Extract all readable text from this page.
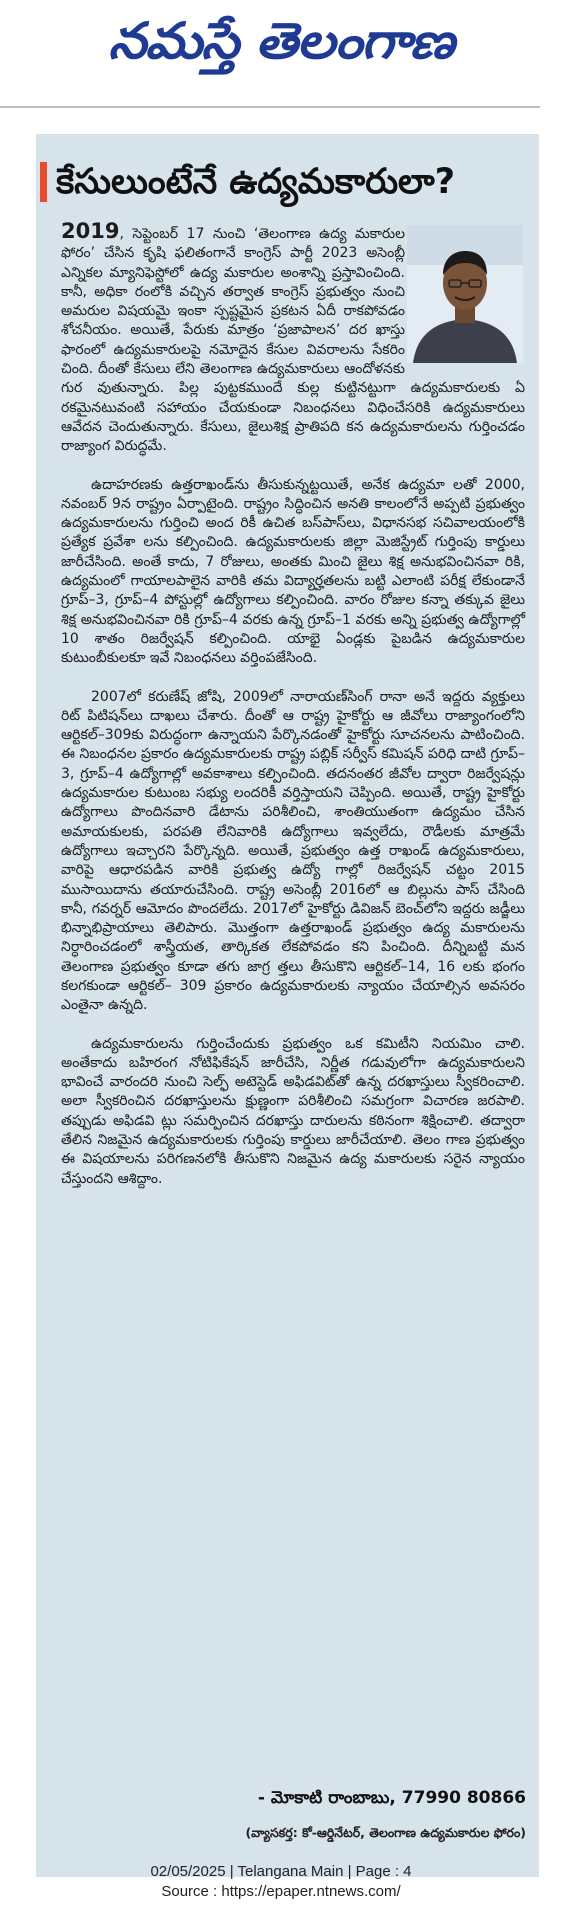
నమస్తే తెలంగాణ
కేసులుంటేనే ఉద్యమకారులా?

2019, సెప్టెంబర్ 17 నుంచి ‘తెలంగాణ ఉద్య మకారుల ఫోరం’ చేసిన కృషి ఫలితంగానే కాంగ్రెస్ పార్టీ 2023 అసెంబ్లీ ఎన్నికల మ్యానిఫెస్టోలో ఉద్య మకారుల అంశాన్ని ప్రస్తావించింది. కానీ, అధికా రంలోకి వచ్చిన తర్వాత కాంగ్రెస్ ప్రభుత్వం నుంచి అమరుల విషయమై ఇంకా స్పష్టమైన ప్రకటన ఏదీ రాకపోవడం శోచనీయం. అయితే, పేరుకు మాత్రం ‘ప్రజాపాలన’ దర ఖాస్తు ఫారంలో ఉద్యమకారులపై నమోదైన కేసుల వివరాలను సేకరిం చింది. దీంతో కేసులు లేని తెలంగాణ ఉద్యమకారులు ఆందోళనకు గుర వుతున్నారు. పిల్ల పుట్టకముందే కుల్ల కుట్టినట్టుగా ఉద్యమకారులకు ఏ రకమైనటువంటి సహాయం చేయకుండా నిబంధనలు విధించేసరికి ఉద్యమకారులు ఆవేదన చెందుతున్నారు. కేసులు, జైలుశిక్ష ప్రాతిపది కన ఉద్యమకారులను గుర్తించడం రాజ్యాంగ విరుద్ధమే.

ఉదాహరణకు ఉత్తరాఖండ్‌ను తీసుకున్నట్టయితే, అనేక ఉద్యమా లతో 2000, నవంబర్ 9న రాష్ట్రం ఏర్పాటైంది. రాష్ట్రం సిద్ధించిన అనతి కాలంలోనే అప్పటి ప్రభుత్వం ఉద్యమకారులను గుర్తించి అంద రికీ ఉచిత బస్‌పాస్‌లు, విధానసభ సచివాలయంలోకి ప్రత్యేక ప్రవేశా లను కల్పించింది. ఉద్యమకారులకు జిల్లా మెజిస్ట్రేట్ గుర్తింపు కార్డులు జారీచేసింది. అంతే కాదు, 7 రోజులు, అంతకు మించి జైలు శిక్ష అనుభవించినవా రికి, ఉద్యమంలో గాయాలపాలైన వారికి తమ విద్యార్హతలను బట్టి ఎలాంటి పరీక్ష లేకుండానే గ్రూప్–3, గ్రూప్–4 పోస్టుల్లో ఉద్యోగాలు కల్పించింది. వారం రోజుల కన్నా తక్కువ జైలు శిక్ష అనుభవించినవా రికి గ్రూప్–4 వరకు ఉన్న గ్రూప్–1 వరకు అన్ని ప్రభుత్వ ఉద్యోగాల్లో 10 శాతం రిజర్వేషన్ కల్పించింది. యాభై ఏండ్లకు పైబడిన ఉద్యమకారుల కుటుంబీకులకూ ఇవే నిబంధనలు వర్తింపజేసింది.

2007లో కరుణేష్ జోషి, 2009లో నారాయణ్‌సింగ్ రానా అనే ఇద్దరు వ్యక్తులు రిట్ పిటిషన్‌లు దాఖలు చేశారు. దీంతో ఆ రాష్ట్ర హైకోర్టు ఆ జీవోలు రాజ్యాంగంలోని ఆర్టికల్–309కు విరుద్ధంగా ఉన్నాయని పేర్కొనడంతో హైకోర్టు సూచనలను పాటించింది. ఈ నిబంధనల ప్రకారం ఉద్యమకారులకు రాష్ట్ర పబ్లిక్ సర్వీస్ కమిషన్ పరిధి దాటి గ్రూప్–3, గ్రూప్–4 ఉద్యోగాల్లో అవకాశాలు కల్పించింది. తదనంతర జీవోల ద్వారా రిజర్వేషన్లు ఉద్యమకారుల కుటుంబ సభ్యు లందరికీ వర్తిస్తాయని చెప్పింది. అయితే, రాష్ట్ర హైకోర్టు ఉద్యోగాలు పొందినవారి డేటాను పరిశీలించి, శాంతియుతంగా ఉద్యమం చేసిన అమాయకులకు, పరపతి లేనివారికి ఉద్యోగాలు ఇవ్వలేదు, రౌడీలకు మాత్రమే ఉద్యోగాలు ఇచ్చారని పేర్కొన్నది. అయితే, ప్రభుత్వం ఉత్త రాఖండ్ ఉద్యమకారులు, వారిపై ఆధారపడిన వారికి ప్రభుత్వ ఉద్యో గాల్లో రిజర్వేషన్ చట్టం 2015 ముసాయిదాను తయారుచేసింది. రాష్ట్ర అసెంబ్లీ 2016లో ఆ బిల్లును పాస్ చేసింది కానీ, గవర్నర్ ఆమోదం పొందలేదు. 2017లో హైకోర్టు డివిజన్ బెంచ్‌లోని ఇద్దరు జడ్జీలు భిన్నాభిప్రాయాలు తెలిపారు. మొత్తంగా ఉత్తరాఖండ్ ప్రభుత్వం ఉద్య మకారులను నిర్ధారించడంలో శాస్త్రీయత, తార్కికత లేకపోవడం కని పించింది. దీన్నిబట్టి మన తెలంగాణ ప్రభుత్వం కూడా తగు జాగ్ర త్తలు తీసుకొని ఆర్టికల్–14, 16 లకు భంగం కలగకుండా ఆర్టికల్– 309 ప్రకారం ఉద్యమకారులకు న్యాయం చేయాల్సిన అవసరం ఎంతైనా ఉన్నది.

ఉద్యమకారులను గుర్తించేందుకు ప్రభుత్వం ఒక కమిటీని నియమిం చాలి. అంతేకాదు బహిరంగ నోటిఫికేషన్ జారీచేసి, నిర్ణీత గడువులోగా ఉద్యమకారులని భావించే వారందరి నుంచి సెల్ఫ్ అటెస్టెడ్ అఫిడవిట్‌తో ఉన్న దరఖాస్తులు స్వీకరించాలి. అలా స్వీకరించిన దరఖాస్తులను క్షుణ్ణంగా పరిశీలించి సమగ్రంగా విచారణ జరపాలి. తప్పుడు అఫిడవి ట్లు సమర్పించిన దరఖాస్తు దారులను కఠినంగా శిక్షించాలి. తద్వారా తేలిన నిజమైన ఉద్యమకారులకు గుర్తింపు కార్డులు జారీచేయాలి. తెలం గాణ ప్రభుత్వం ఈ విషయాలను పరిగణనలోకి తీసుకొని నిజమైన ఉద్య మకారులకు సరైన న్యాయం చేస్తుందని ఆశిద్దాం.

- మోకాటి రాంబాబు, 77990 80866
(వ్యాసకర్త: కో-ఆర్డినేటర్, తెలంగాణ ఉద్యమకారుల ఫోరం)
02/05/2025 | Telangana Main | Page : 4
Source : https://epaper.ntnews.com/
